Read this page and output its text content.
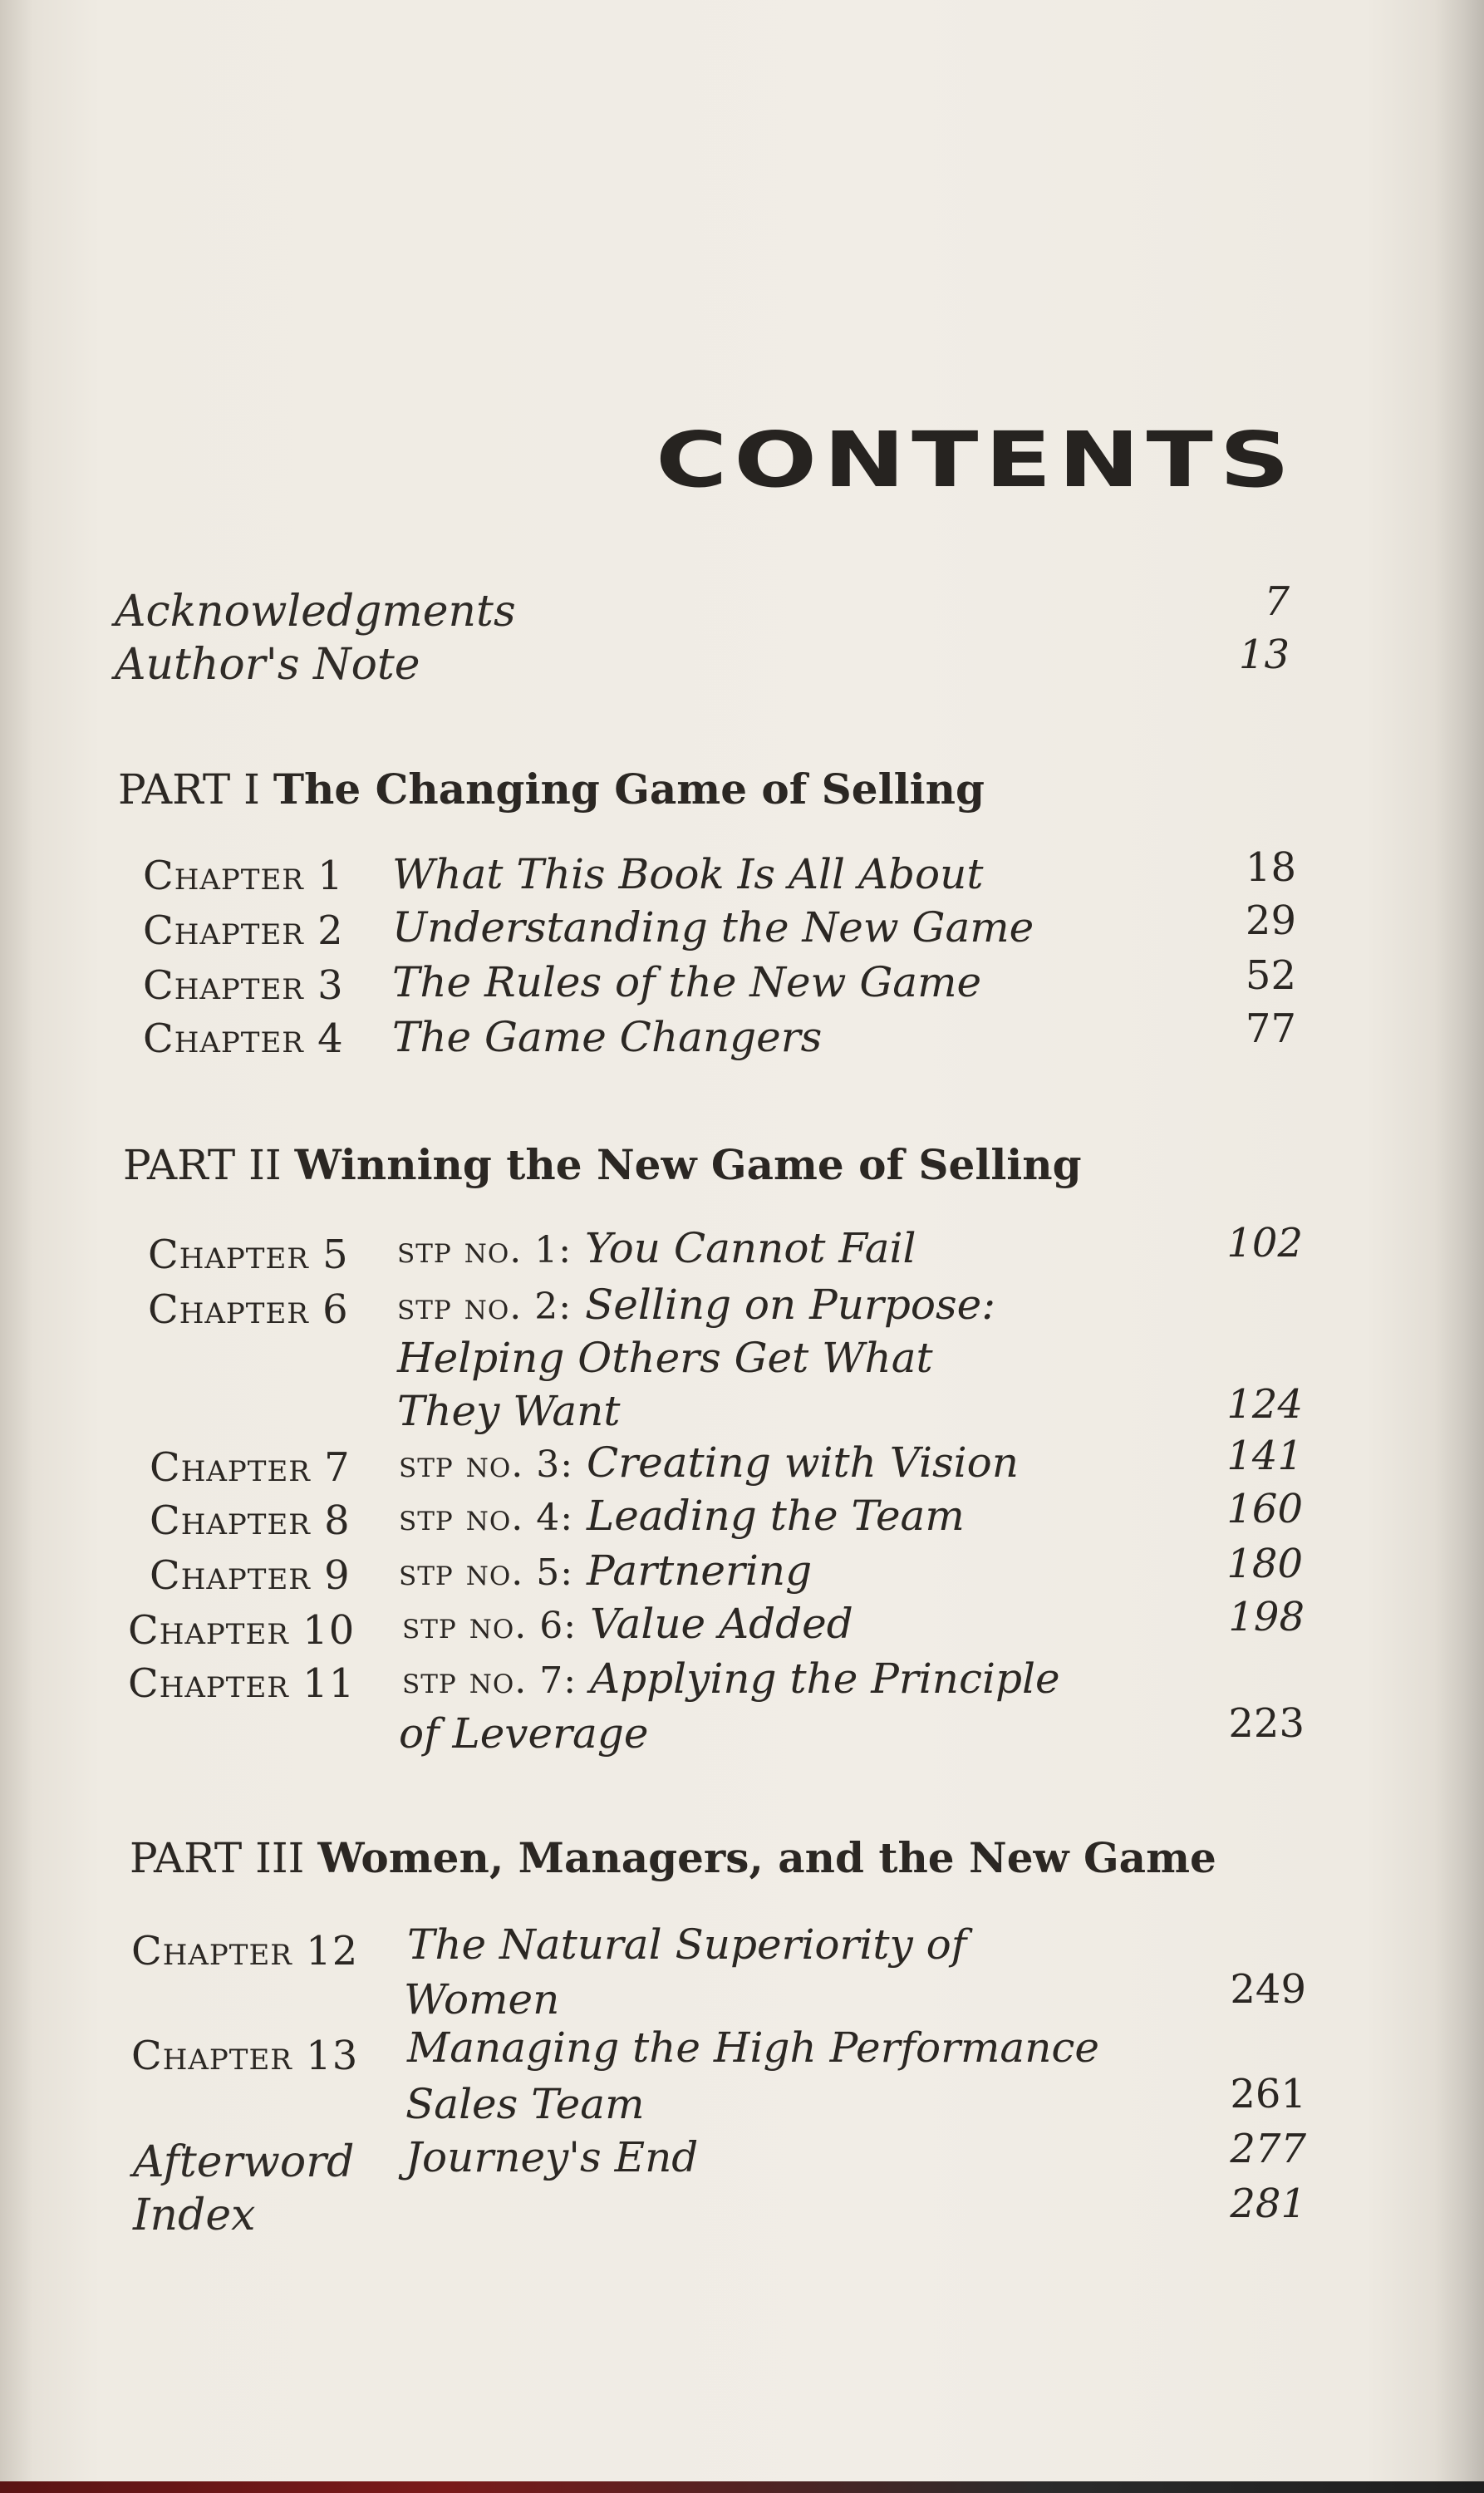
CONTENTS
Acknowledgments	7
Author's Note	13
PART I The Changing Game of Selling
Chapter 1 What This Book Is All About	18
Chapter 2 Understanding the New Game	29
Chapter 3 The Rules of the New Game	52
Chapter 4 The Game Changers	77
PART II Winning the New Game of Selling
Chapter 5 stp no. 1: You Cannot Fail	102
Chapter 6 stp no. 2: Selling on Purpose:
Helping Others Get What
They Want	124
Chapter 7 stp no. 3: Creating with Vision	141
Chapter 8 stp no. 4: Leading the Team	160
Chapter 9 stp no. 5: Partnering	180
Chapter 10 stp no. 6: Value Added	198
Chapter 11 stp no. 7: Applying the Principle
of Leverage	223
PART III Women, Managers, and the New Game
Chapter 12 The Natural Superiority of
Women	249
Chapter 13 Managing the High Performance
Sales Team	261
Afterword Journey's End	277
Index	281
